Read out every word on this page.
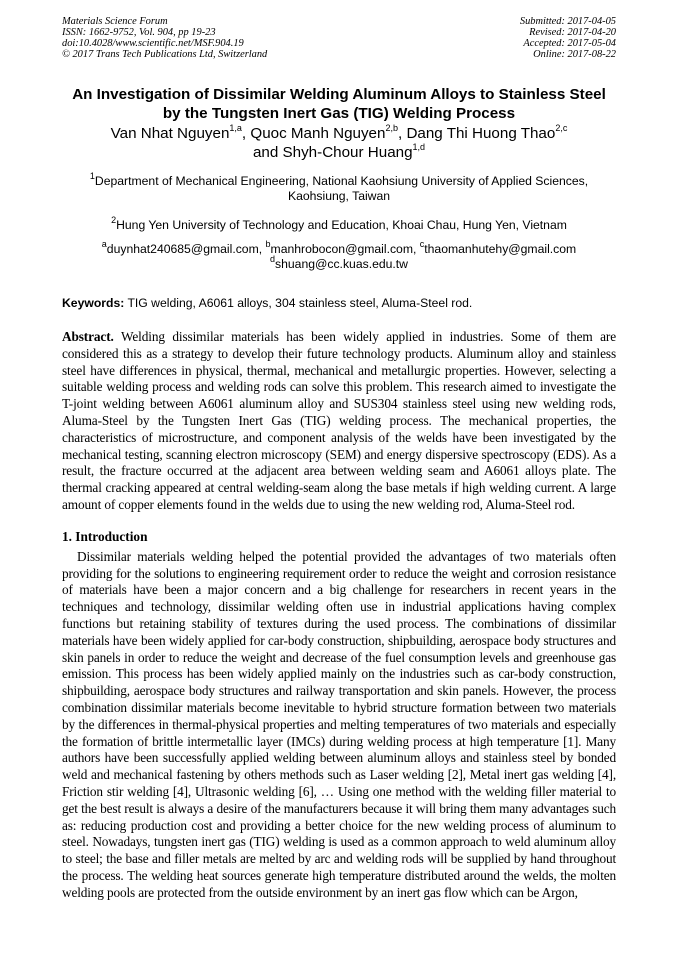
Materials Science Forum
ISSN: 1662-9752, Vol. 904, pp 19-23
doi:10.4028/www.scientific.net/MSF.904.19
© 2017 Trans Tech Publications Ltd, Switzerland
Submitted: 2017-04-05
Revised: 2017-04-20
Accepted: 2017-05-04
Online: 2017-08-22
An Investigation of Dissimilar Welding Aluminum Alloys to Stainless Steel by the Tungsten Inert Gas (TIG) Welding Process
Van Nhat Nguyen$^{1,a}$, Quoc Manh Nguyen$^{2,b}$, Dang Thi Huong Thao$^{2,c}$
and Shyh-Chour Huang$^{1,d}$
$^1$Department of Mechanical Engineering, National Kaohsiung University of Applied Sciences, Kaohsiung, Taiwan
$^2$Hung Yen University of Technology and Education, Khoai Chau, Hung Yen, Vietnam
$^a$duynhat240685@gmail.com, $^b$manhrobocon@gmail.com, $^c$thaomanhutehy@gmail.com
$^d$shuang@cc.kuas.edu.tw
Keywords: TIG welding, A6061 alloys, 304 stainless steel, Aluma-Steel rod.
Abstract. Welding dissimilar materials has been widely applied in industries. Some of them are considered this as a strategy to develop their future technology products. Aluminum alloy and stainless steel have differences in physical, thermal, mechanical and metallurgic properties. However, selecting a suitable welding process and welding rods can solve this problem. This research aimed to investigate the T-joint welding between A6061 aluminum alloy and SUS304 stainless steel using new welding rods, Aluma-Steel by the Tungsten Inert Gas (TIG) welding process. The mechanical properties, the characteristics of microstructure, and component analysis of the welds have been investigated by the mechanical testing, scanning electron microscopy (SEM) and energy dispersive spectroscopy (EDS). As a result, the fracture occurred at the adjacent area between welding seam and A6061 alloys plate. The thermal cracking appeared at central welding-seam along the base metals if high welding current. A large amount of copper elements found in the welds due to using the new welding rod, Aluma-Steel rod.
1. Introduction
Dissimilar materials welding helped the potential provided the advantages of two materials often providing for the solutions to engineering requirement order to reduce the weight and corrosion resistance of materials have been a major concern and a big challenge for researchers in recent years in the techniques and technology, dissimilar welding often use in industrial applications having complex functions but retaining stability of textures during the used process. The combinations of dissimilar materials have been widely applied for car-body construction, shipbuilding, aerospace body structures and skin panels in order to reduce the weight and decrease of the fuel consumption levels and greenhouse gas emission. This process has been widely applied mainly on the industries such as car-body construction, shipbuilding, aerospace body structures and railway transportation and skin panels. However, the process combination dissimilar materials become inevitable to hybrid structure formation between two materials by the differences in thermal-physical properties and melting temperatures of two materials and especially the formation of brittle intermetallic layer (IMCs) during welding process at high temperature [1]. Many authors have been successfully applied welding between aluminum alloys and stainless steel by bonded weld and mechanical fastening by others methods such as Laser welding [2], Metal inert gas welding [4], Friction stir welding [4], Ultrasonic welding [6], … Using one method with the welding filler material to get the best result is always a desire of the manufacturers because it will bring them many advantages such as: reducing production cost and providing a better choice for the new welding process of aluminum to steel. Nowadays, tungsten inert gas (TIG) welding is used as a common approach to weld aluminum alloy to steel; the base and filler metals are melted by arc and welding rods will be supplied by hand throughout the process. The welding heat sources generate high temperature distributed around the welds, the molten welding pools are protected from the outside environment by an inert gas flow which can be Argon,
